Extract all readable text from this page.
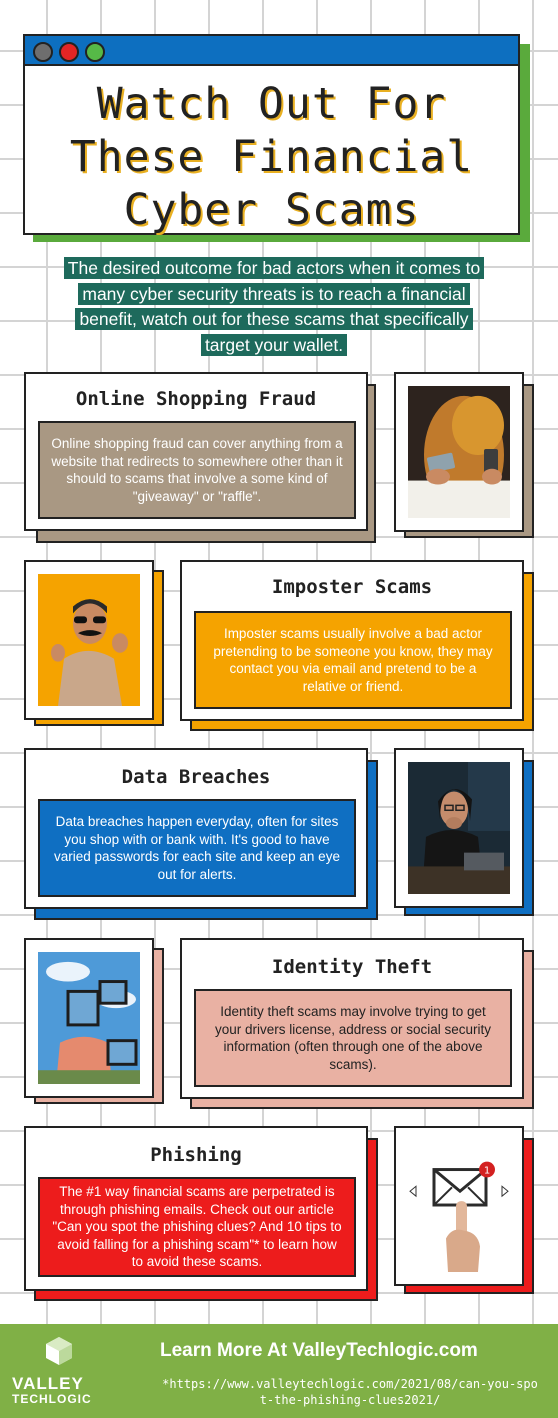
Watch Out For
These Financial
Cyber Scams
The desired outcome for bad actors when it comes to
many cyber security threats is to reach a financial
benefit, watch out for these scams that specifically
target your wallet.
Online Shopping Fraud
Online shopping fraud can cover anything from a website that redirects to somewhere other than it should to scams that involve a some kind of "giveaway" or "raffle".
Imposter Scams
Imposter scams usually involve a bad actor pretending to be someone you know, they may contact you via email and pretend to be a relative or friend.
Data Breaches
Data breaches happen everyday, often for sites you shop with or bank with. It's good to have varied passwords for each site and keep an eye out for alerts.
Identity Theft
Identity theft scams may involve trying to get your drivers license, address or social security information (often through one of the above scams).
Phishing
The #1 way financial scams are perpetrated is through phishing emails. Check out our article "Can you spot the phishing clues? And 10 tips to avoid falling for a phishing scam"* to learn how to avoid these scams.
1
VALLEY
TECHLOGIC
Learn More At ValleyTechlogic.com
*https://www.valleytechlogic.com/2021/08/can-you-spot-the-phishing-clues2021/
